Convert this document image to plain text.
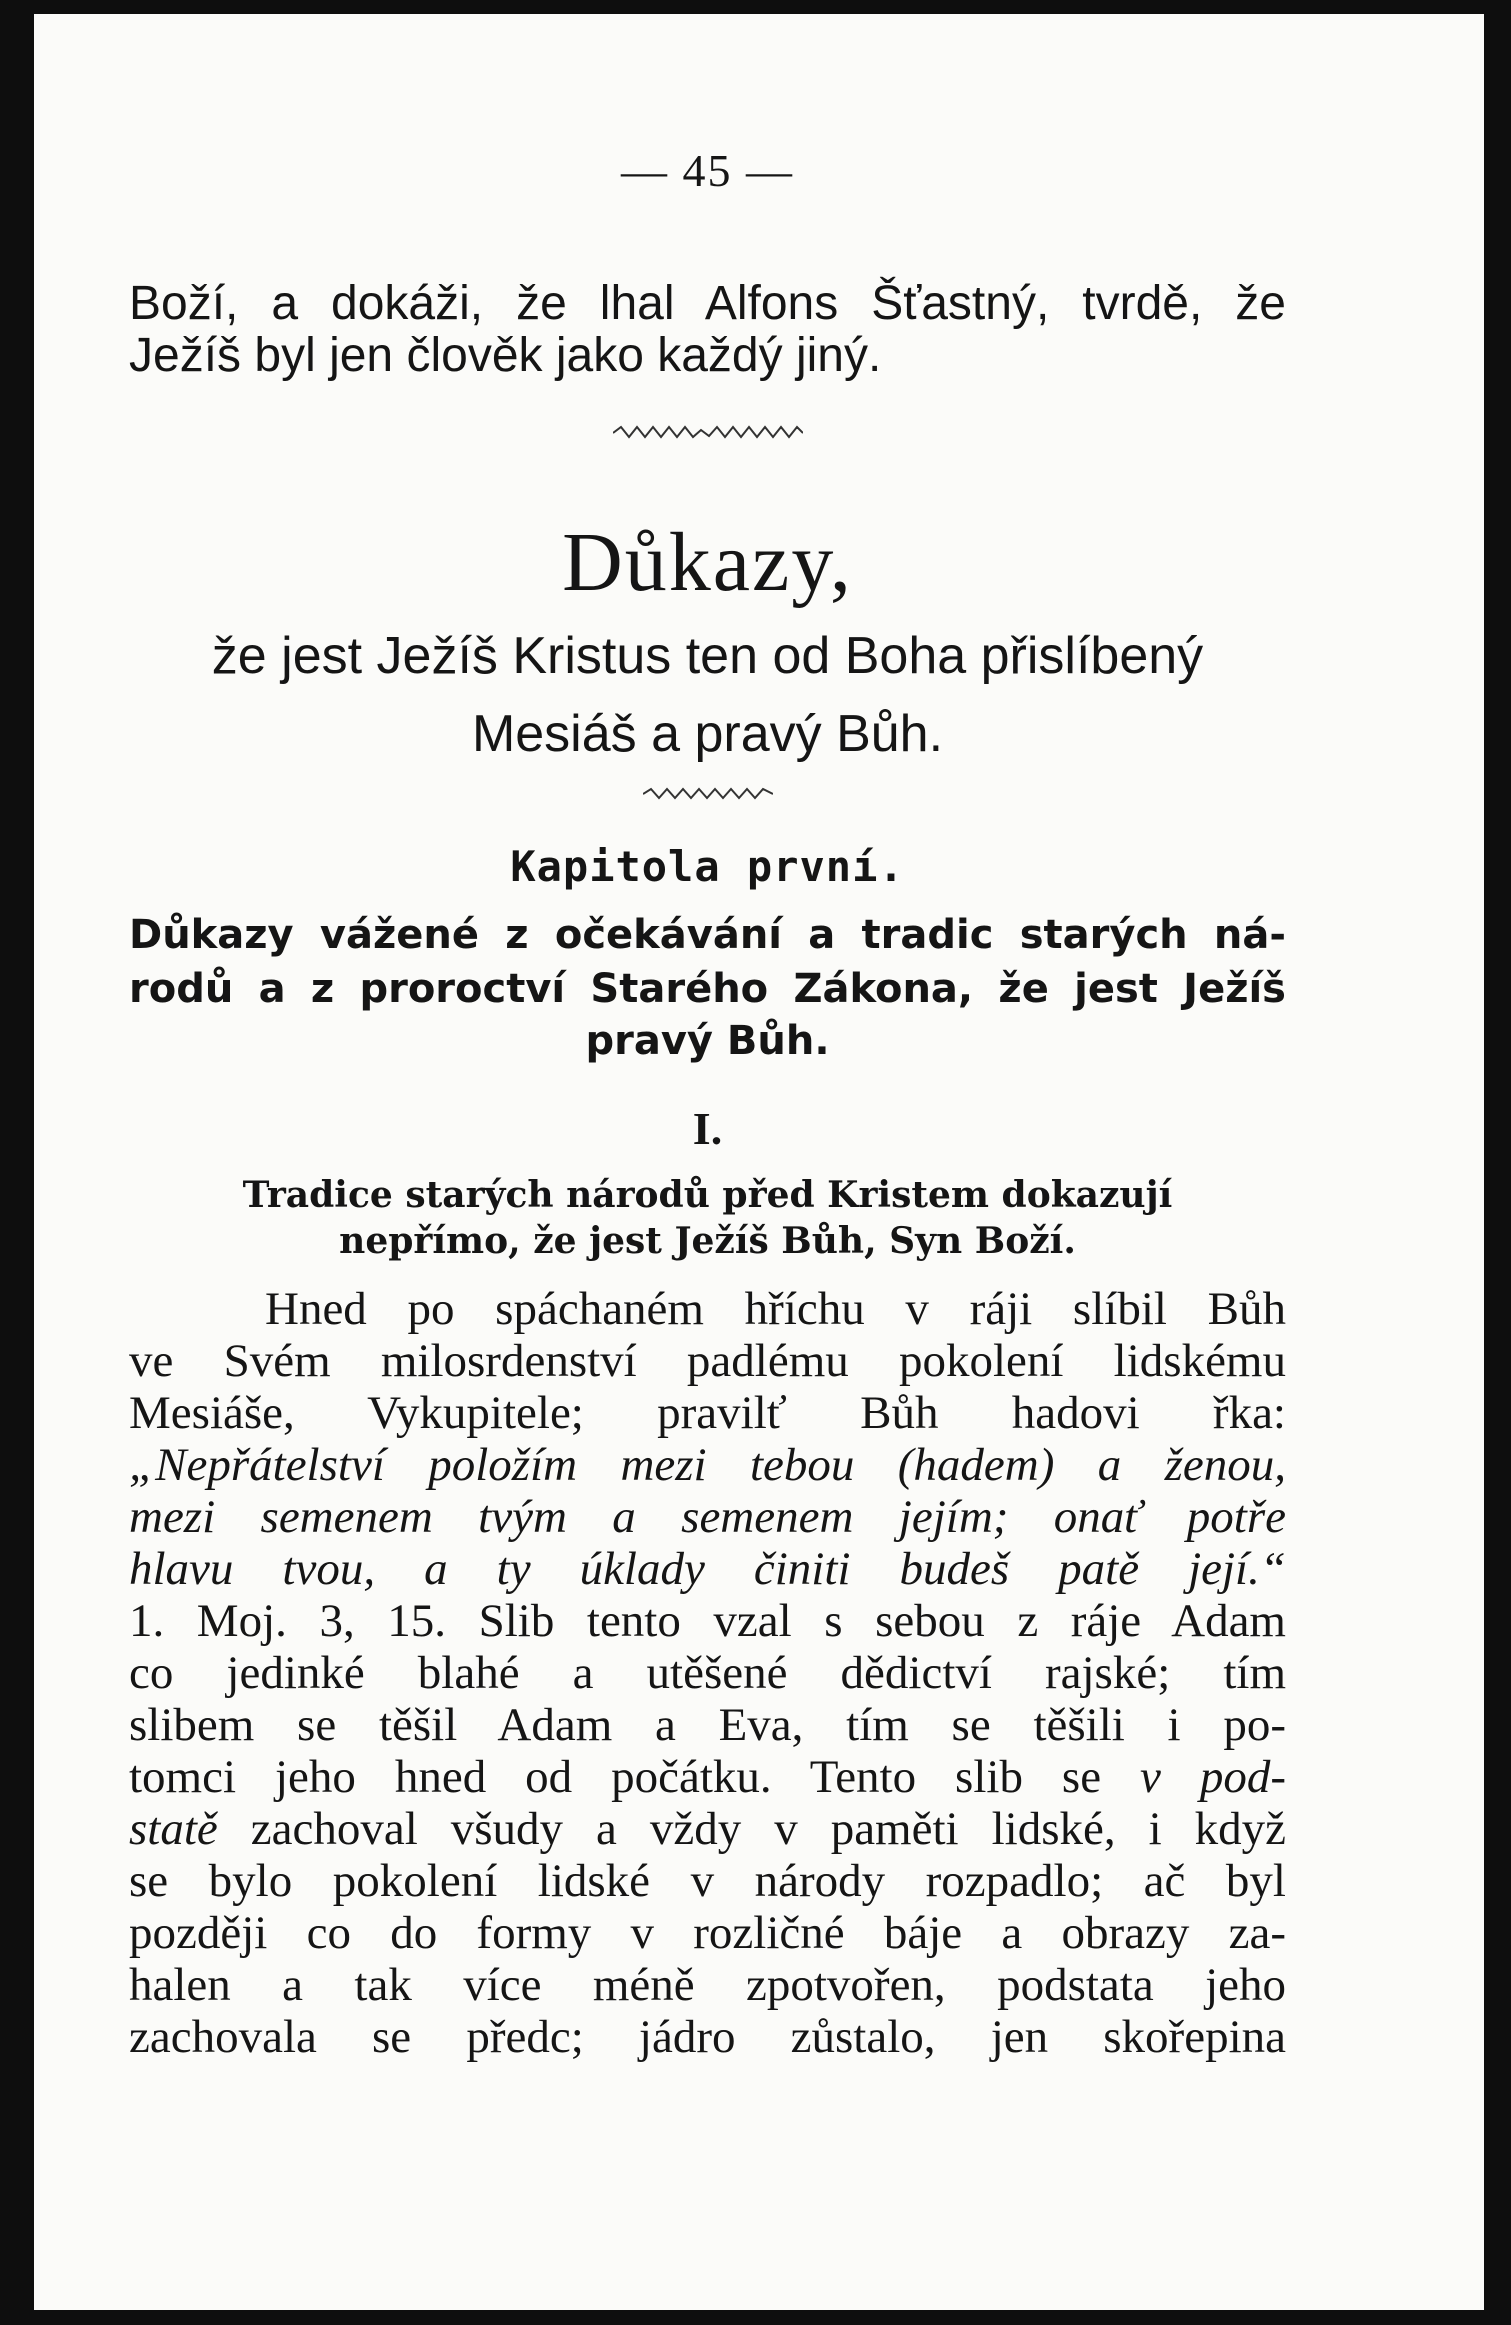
— 45 —
Boží, a dokáži, že lhal Alfons Šťastný, tvrdě, že
Ježíš byl jen člověk jako každý jiný.
Důkazy,
že jest Ježíš Kristus ten od Boha přislíbený
Mesiáš a pravý Bůh.
Kapitola první.
Důkazy vážené z očekávání a tradic starých ná-
rodů a z proroctví Starého Zákona, že jest Ježíš
pravý Bůh.
I.
Tradice starých národů před Kristem dokazují
nepřímo, že jest Ježíš Bůh, Syn Boží.
Hned po spáchaném hříchu v ráji slíbil Bůh
ve Svém milosrdenství padlému pokolení lidskému
Mesiáše, Vykupitele; pravilť Bůh hadovi řka:
„Nepřátelství položím mezi tebou (hadem) a ženou,
mezi semenem tvým a semenem jejím; onať potře
hlavu tvou, a ty úklady činiti budeš patě její.“
1. Moj. 3, 15. Slib tento vzal s sebou z ráje Adam
co jedinké blahé a utěšené dědictví rajské; tím
slibem se těšil Adam a Eva, tím se těšili i po-
tomci jeho hned od počátku. Tento slib se v pod-
statě zachoval všudy a vždy v paměti lidské, i když
se bylo pokolení lidské v národy rozpadlo; ač byl
později co do formy v rozličné báje a obrazy za-
halen a tak více méně zpotvořen, podstata jeho
zachovala se předc; jádro zůstalo, jen skořepina
